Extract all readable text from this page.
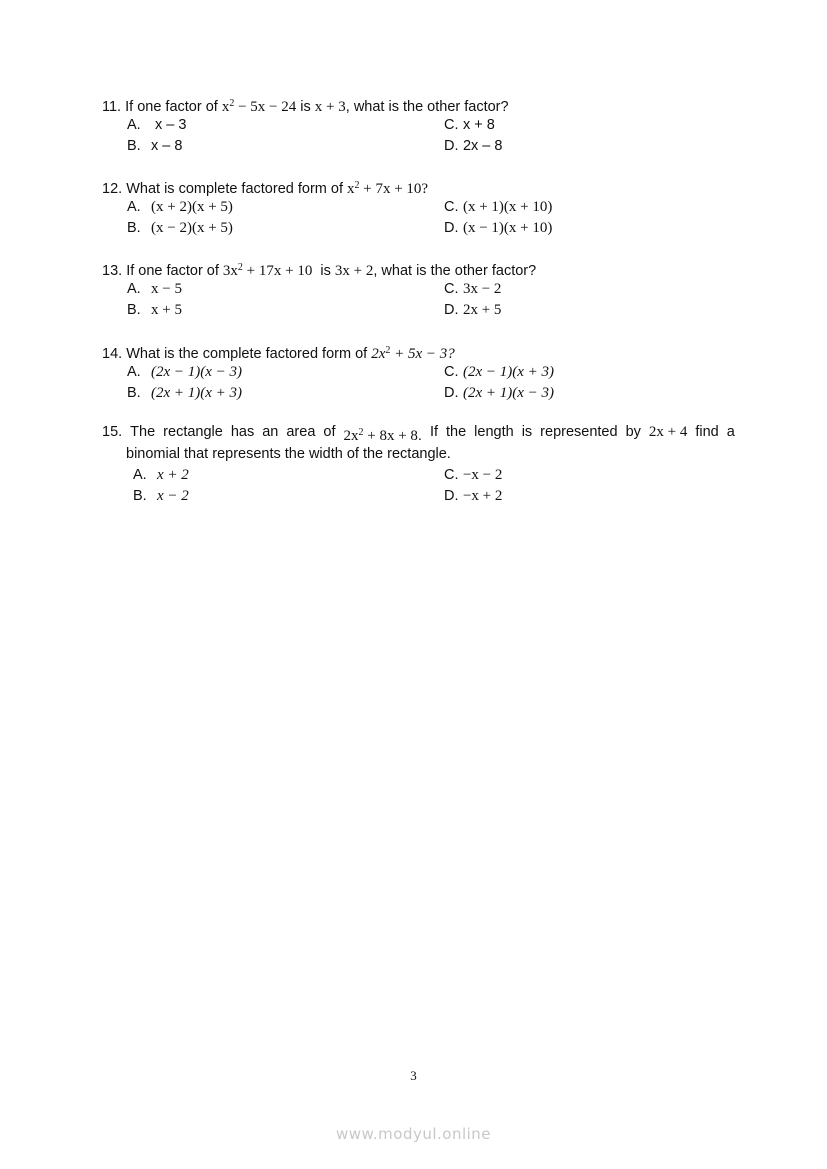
11. If one factor of $x^2 - 5x - 24$ is x + 3, what is the other factor?
A. x – 3
B. x – 8
C. x + 8
D. 2x – 8
12. What is complete factored form of $x^2 + 7x + 10$?
A. (x + 2)(x + 5)
B. (x − 2)(x + 5)
C. (x + 1)(x + 10)
D. (x − 1)(x + 10)
13. If one factor of $3x^2 + 17x + 10$  is 3x + 2, what is the other factor?
A. x − 5
B. x + 5
C. 3x − 2
D. 2x + 5
14. What is the complete factored form of $2x^2 + 5x - 3$?
A. (2x − 1)(x − 3)
B. (2x + 1)(x + 3)
C. (2x − 1)(x + 3)
D. (2x + 1)(x − 3)
15. The rectangle has an area of $2x^2 + 8x + 8$. If the length is represented by 2x + 4 find a
binomial that represents the width of the rectangle.
A. x + 2
B. x − 2
C. −x − 2
D. −x + 2
3
www.modyul.online
